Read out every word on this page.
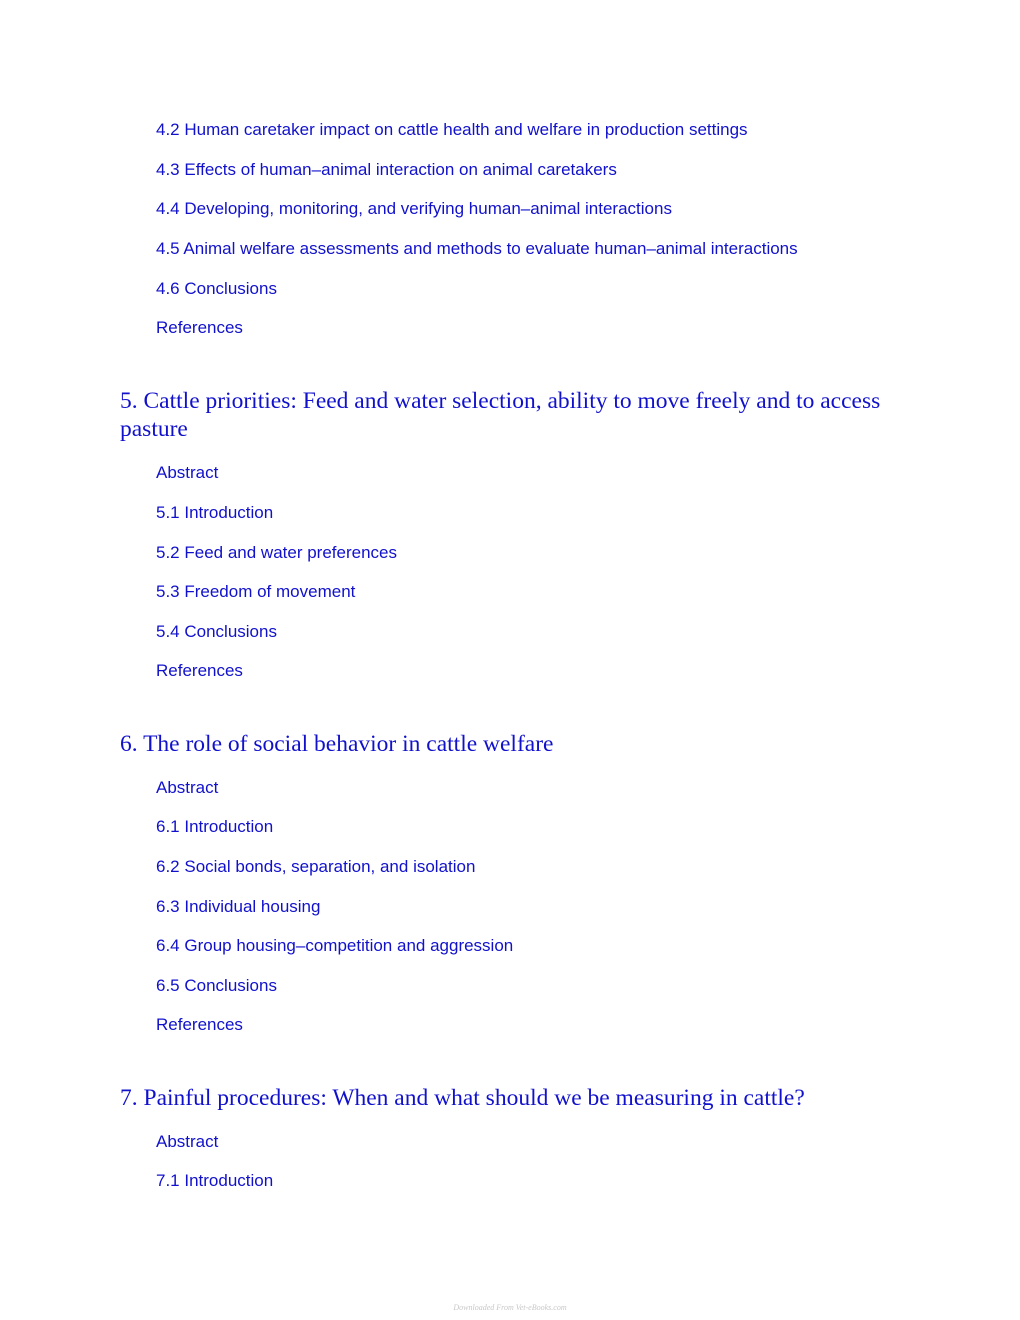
4.2 Human caretaker impact on cattle health and welfare in production settings
4.3 Effects of human–animal interaction on animal caretakers
4.4 Developing, monitoring, and verifying human–animal interactions
4.5 Animal welfare assessments and methods to evaluate human–animal interactions
4.6 Conclusions
References
5. Cattle priorities: Feed and water selection, ability to move freely and to access pasture
Abstract
5.1 Introduction
5.2 Feed and water preferences
5.3 Freedom of movement
5.4 Conclusions
References
6. The role of social behavior in cattle welfare
Abstract
6.1 Introduction
6.2 Social bonds, separation, and isolation
6.3 Individual housing
6.4 Group housing–competition and aggression
6.5 Conclusions
References
7. Painful procedures: When and what should we be measuring in cattle?
Abstract
7.1 Introduction
Downloaded From Vet-eBooks.com
